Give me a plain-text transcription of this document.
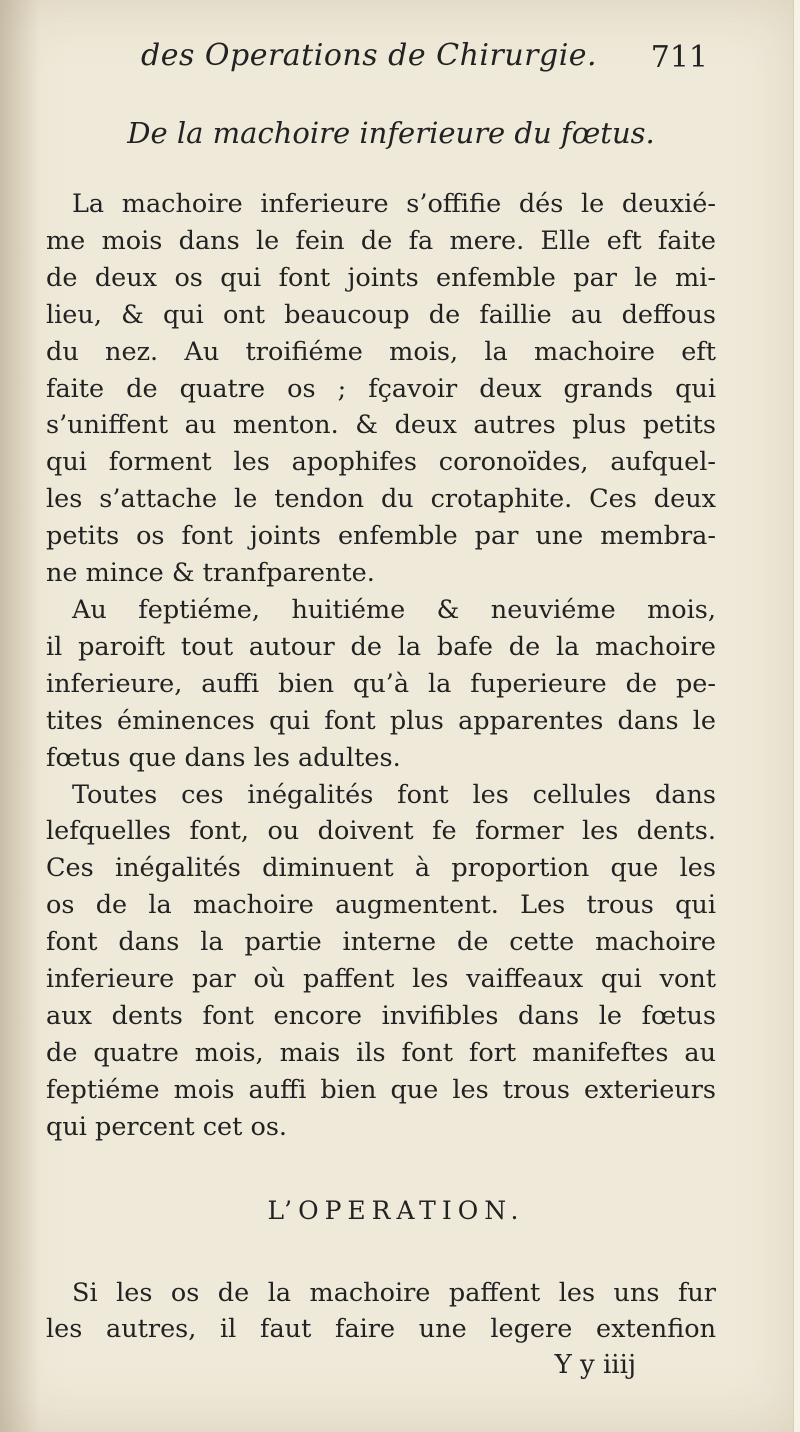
des Operations de Chirurgie. 711
De la machoire inferieure du fœtus.

La machoire inferieure s’offifie dés le deuxié-
me mois dans le fein de fa mere. Elle eft faite
de deux os qui font joints enfemble par le mi-
lieu, & qui ont beaucoup de faillie au deffous
du nez. Au troifiéme mois, la machoire eft
faite de quatre os ; fçavoir deux grands qui
s’uniffent au menton. & deux autres plus petits
qui forment les apophifes coronoïdes, aufquel-
les s’attache le tendon du crotaphite. Ces deux
petits os font joints enfemble par une membra-
ne mince & tranfparente.

Au feptiéme, huitiéme & neuviéme mois,
il paroift tout autour de la bafe de la machoire
inferieure, auffi bien qu’à la fuperieure de pe-
tites éminences qui font plus apparentes dans le
fœtus que dans les adultes.

Toutes ces inégalités font les cellules dans
lefquelles font, ou doivent fe former les dents.
Ces inégalités diminuent à proportion que les
os de la machoire augmentent. Les trous qui
font dans la partie interne de cette machoire
inferieure par où paffent les vaiffeaux qui vont
aux dents font encore invifibles dans le fœtus
de quatre mois, mais ils font fort manifeftes au
feptiéme mois auffi bien que les trous exterieurs
qui percent cet os.

L’OPERATION.

Si les os de la machoire paffent les uns fur
les autres, il faut faire une legere extenfion

Y y iiij
